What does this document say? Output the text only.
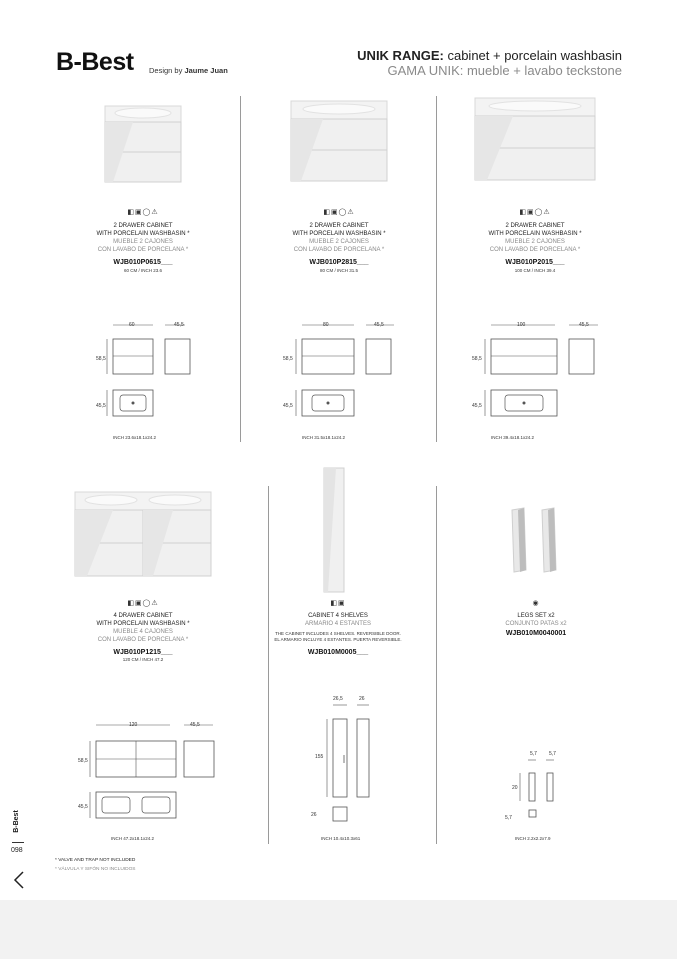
B-Best Design by Jaume Juan
UNIK RANGE: cabinet + porcelain washbasin
GAMA UNIK: mueble + lavabo teckstone
◧▣◯⚠
2 DRAWER CABINET
WITH PORCELAIN WASHBASIN *
MUEBLE 2 CAJONES
CON LAVABO DE PORCELANA *
WJB010P0615___
60 CM / INCH 23.6
60	45,5
58,5
45,5
INCH 23.6x18.1x24.2
◧▣◯⚠
2 DRAWER CABINET
WITH PORCELAIN WASHBASIN *
MUEBLE 2 CAJONES
CON LAVABO DE PORCELANA *
WJB010P2815___
80 CM / INCH 31.5
80	45,5
58,5
45,5
INCH 31.5x18.1x24.2
◧▣◯⚠
2 DRAWER CABINET
WITH PORCELAIN WASHBASIN *
MUEBLE 2 CAJONES
CON LAVABO DE PORCELANA *
WJB010P2015___
100 CM / INCH 39.4
100	45,5
58,5
45,5
INCH 39.4x18.1x24.2
◧▣◯⚠
4 DRAWER CABINET
WITH PORCELAIN WASHBASIN *
MUEBLE 4 CAJONES
CON LAVABO DE PORCELANA *
WJB010P1215___
120 CM / INCH 47.2
120	45,5
58,5
45,5
INCH 47.2x18.1x24.2
◧▣
CABINET 4 SHELVES
ARMARIO 4 ESTANTES
THE CABINET INCLUDES 4 SHELVES. REVERSIBLE DOOR.
EL ARMARIO INCLUYE 4 ESTANTES. PUERTA REVERSIBLE.
WJB010M0005___
26,5	26
155
26
INCH 10.4x10.3x61
◉
LEGS SET x2
CONJUNTO PATAS x2
WJB010M0040001
5,7 5,7
20
5,7
INCH 2.2x2.2x7.9
B-Best
098
* VALVE AND TRAP NOT INCLUDED
* VÁLVULA Y SIFÓN NO INCLUIDOS
